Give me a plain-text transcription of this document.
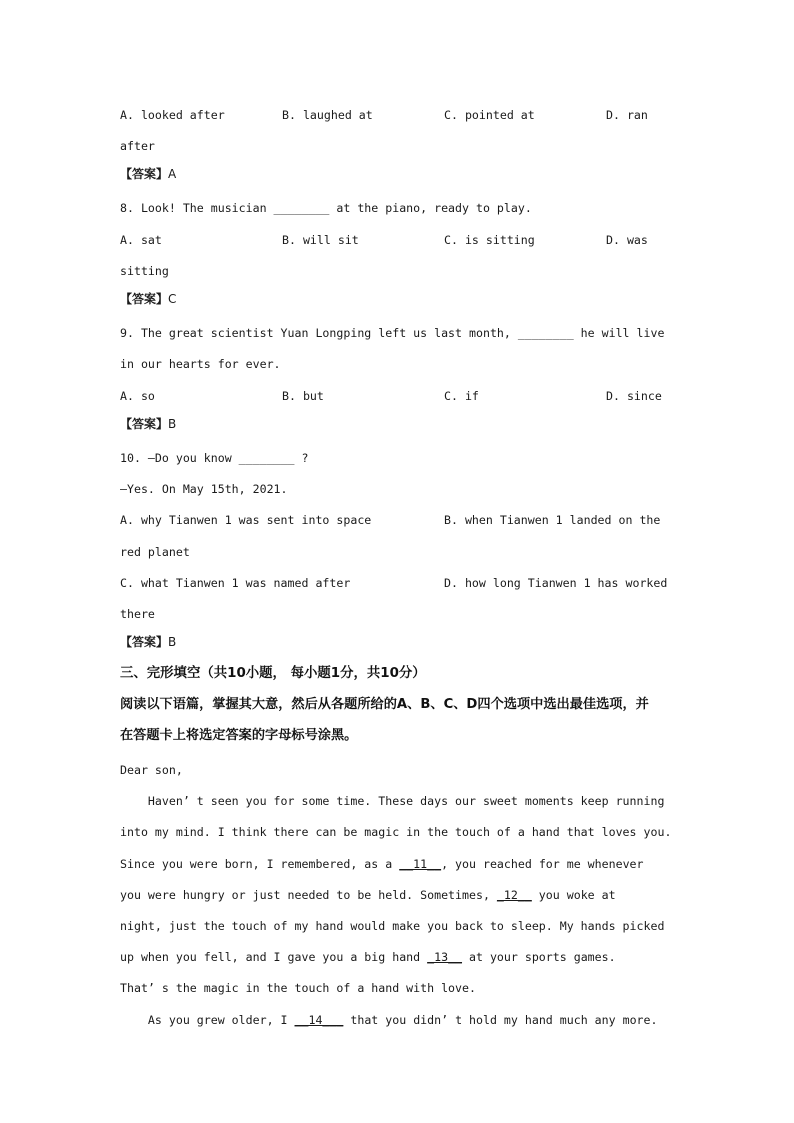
A. looked after	B. laughed at	C. pointed at	D. ran
after
【答案】A
8. Look! The musician ________ at the piano, ready to play.
A. sat	B. will sit	C. is sitting	D. was
sitting
【答案】C
9. The great scientist Yuan Longping left us last month, ________ he will live
in our hearts for ever.
A. so	B. but	C. if	D. since
【答案】B
10. —Do you know ________ ?
—Yes. On May 15th, 2021.
A. why Tianwen 1 was sent into space	B. when Tianwen 1 landed on the
red planet
C. what Tianwen 1 was named after	D. how long Tianwen 1 has worked
there
【答案】B
三、完形填空（共10小题， 每小题1分，共10分）
阅读以下语篇，掌握其大意，然后从各题所给的A、B、C、D四个选项中选出最佳选项，并
在答题卡上将选定答案的字母标号涂黑。
Dear son,
Haven’ t seen you for some time. These days our sweet moments keep running
into my mind. I think there can be magic in the touch of a hand that loves you.
Since you were born, I remembered, as a __11__, you reached for me whenever
you were hungry or just needed to be held. Sometimes, _12__ you woke at
night, just the touch of my hand would make you back to sleep. My hands picked
up when you fell, and I gave you a big hand _13__ at your sports games.
That’ s the magic in the touch of a hand with love.
As you grew older, I __14___ that you didn’ t hold my hand much any more.
